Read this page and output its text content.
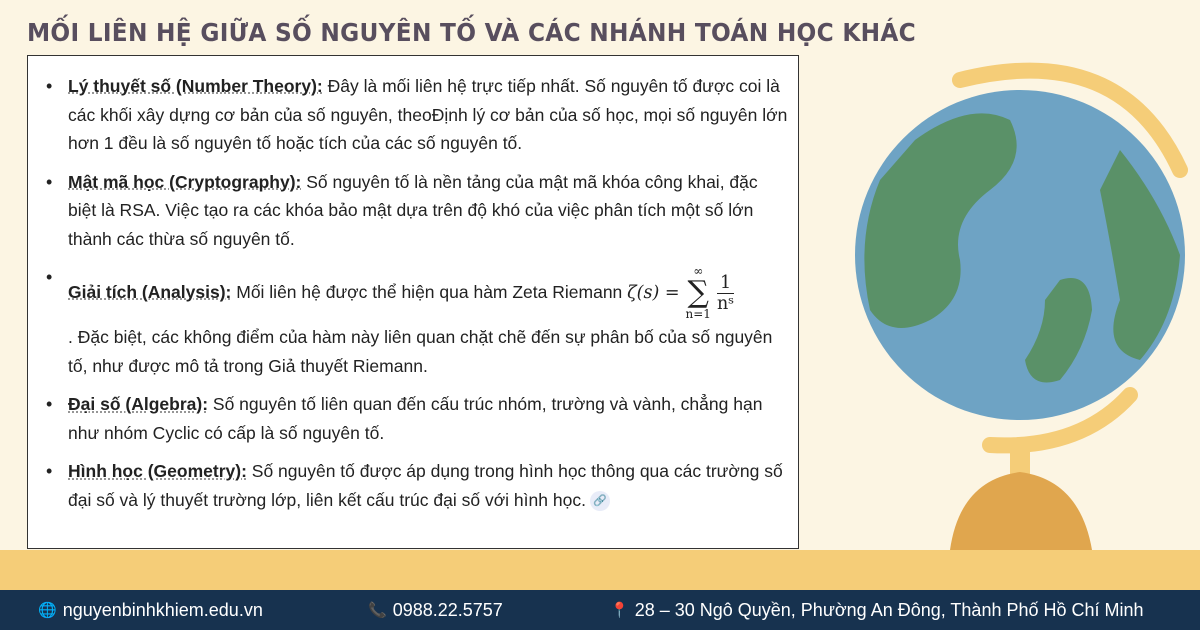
MỐI LIÊN HỆ GIỮA SỐ NGUYÊN TỐ VÀ CÁC NHÁNH TOÁN HỌC KHÁC
• Lý thuyết số (Number Theory): Đây là mối liên hệ trực tiếp nhất. Số nguyên tố được coi là các khối xây dựng cơ bản của số nguyên, theoĐịnh lý cơ bản của số học, mọi số nguyên lớn hơn 1 đều là số nguyên tố hoặc tích của các số nguyên tố.
• Mật mã học (Cryptography): Số nguyên tố là nền tảng của mật mã khóa công khai, đặc biệt là RSA. Việc tạo ra các khóa bảo mật dựa trên độ khó của việc phân tích một số lớn thành các thừa số nguyên tố.
• Giải tích (Analysis): Mối liên hệ được thể hiện qua hàm Zeta Riemann ζ(s) =
∞
∑
n=1
$\frac{1}{\text{nˢ}}$

. Đặc biệt, các không điểm của hàm này liên quan chặt chẽ đến sự phân bố của số nguyên tố, như được mô tả trong Giả thuyết Riemann.
• Đại số (Algebra): Số nguyên tố liên quan đến cấu trúc nhóm, trường và vành, chẳng hạn như nhóm Cyclic có cấp là số nguyên tố.
• Hình học (Geometry): Số nguyên tố được áp dụng trong hình học thông qua các trường số đại số và lý thuyết trường lớp, liên kết cấu trúc đại số với hình học. 🔗
🌐 nguyenbinhkhiem.edu.vn	📞 0988.22.5757	📍 28 – 30 Ngô Quyền, Phường An Đông, Thành Phố Hồ Chí Minh
